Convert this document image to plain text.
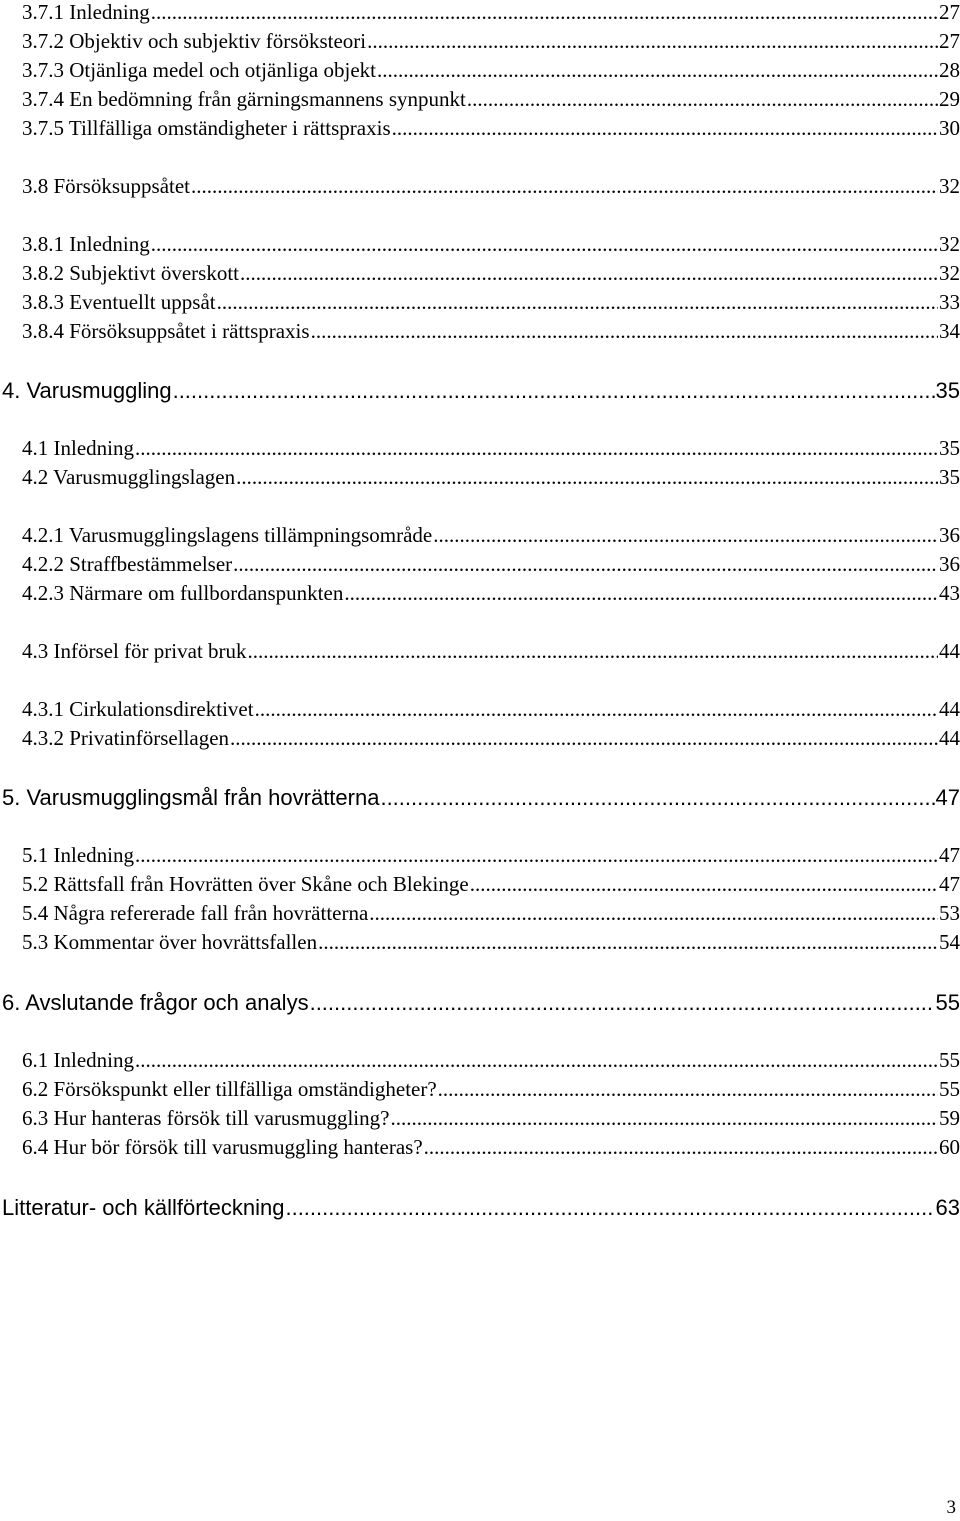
3.7.1 Inledning .....	27
3.7.2 Objektiv och subjektiv försöksteori .....	27
3.7.3 Otjänliga medel och otjänliga objekt .....	28
3.7.4 En bedömning från gärningsmannens synpunkt .....	29
3.7.5 Tillfälliga omständigheter i rättspraxis .....	30
3.8 Försöksuppsåtet .....	32
3.8.1 Inledning .....	32
3.8.2 Subjektivt överskott .....	32
3.8.3 Eventuellt uppsåt .....	33
3.8.4 Försöksuppsåtet i rättspraxis .....	34
4. Varusmuggling .....	35
4.1 Inledning .....	35
4.2 Varusmugglingslagen .....	35
4.2.1 Varusmugglingslagens tillämpningsområde .....	36
4.2.2 Straffbestämmelser .....	36
4.2.3 Närmare om fullbordanspunkten .....	43
4.3 Införsel för privat bruk .....	44
4.3.1 Cirkulationsdirektivet .....	44
4.3.2 Privatinförsellagen .....	44
5. Varusmugglingsmål från hovrätterna .....	47
5.1 Inledning .....	47
5.2 Rättsfall från Hovrätten över Skåne och Blekinge .....	47
5.4 Några refererade fall från hovrätterna .....	53
5.3 Kommentar över hovrättsfallen .....	54
6. Avslutande frågor och analys .....	55
6.1 Inledning .....	55
6.2 Försökspunkt eller tillfälliga omständigheter? .....	55
6.3 Hur hanteras försök till varusmuggling? .....	59
6.4 Hur bör försök till varusmuggling hanteras? .....	60
Litteratur- och källförteckning .....	63
3
